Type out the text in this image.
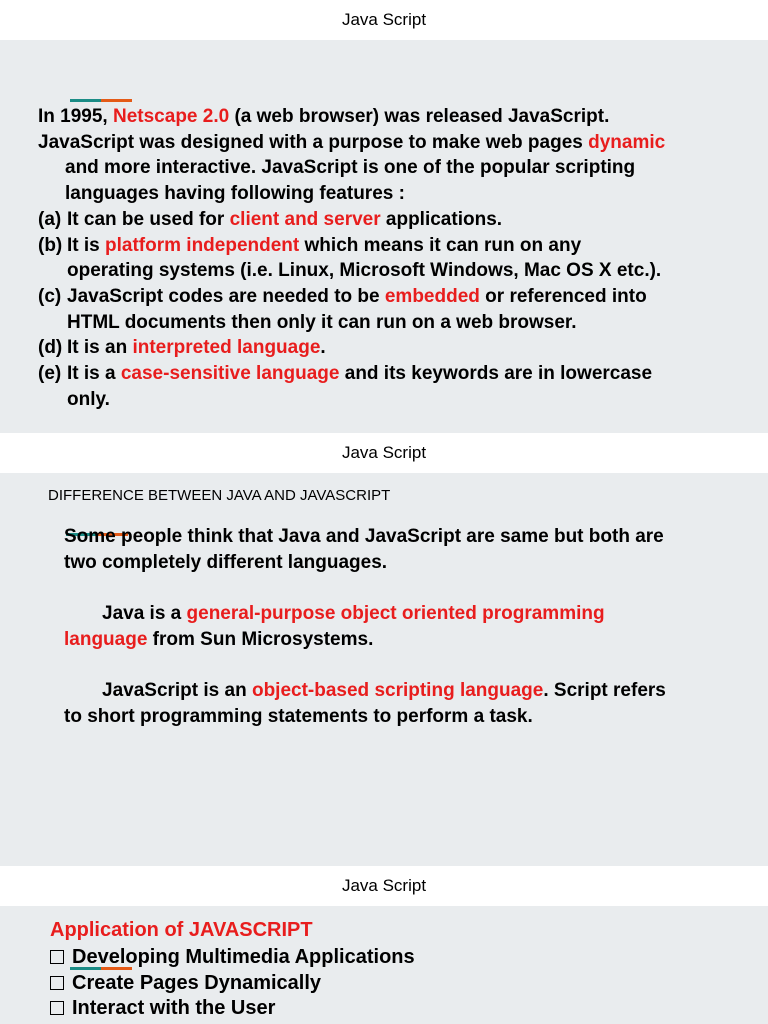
Java Script
In 1995, Netscape 2.0 (a web browser) was released JavaScript.
JavaScript was designed with a purpose to make web pages dynamic
and more interactive. JavaScript is one of the popular scripting
languages having following features :
(a) It can be used for client and server applications.
(b) It is platform independent which means it can run on any
operating systems (i.e. Linux, Microsoft Windows, Mac OS X etc.).
(c) JavaScript codes are needed to be embedded or referenced into
HTML documents then only it can run on a web browser.
(d) It is an interpreted language.
(e) It is a case-sensitive language and its keywords are in lowercase
only.
Java Script
DIFFERENCE BETWEEN JAVA AND JAVASCRIPT
Some people think that Java and JavaScript are same but both are
two completely different languages.
Java is a general-purpose object oriented programming
language from Sun Microsystems.
JavaScript is an object-based scripting language. Script refers
to short programming statements to perform a task.
Java Script
Application of JAVASCRIPT
Developing Multimedia Applications
Create Pages Dynamically
Interact with the User
